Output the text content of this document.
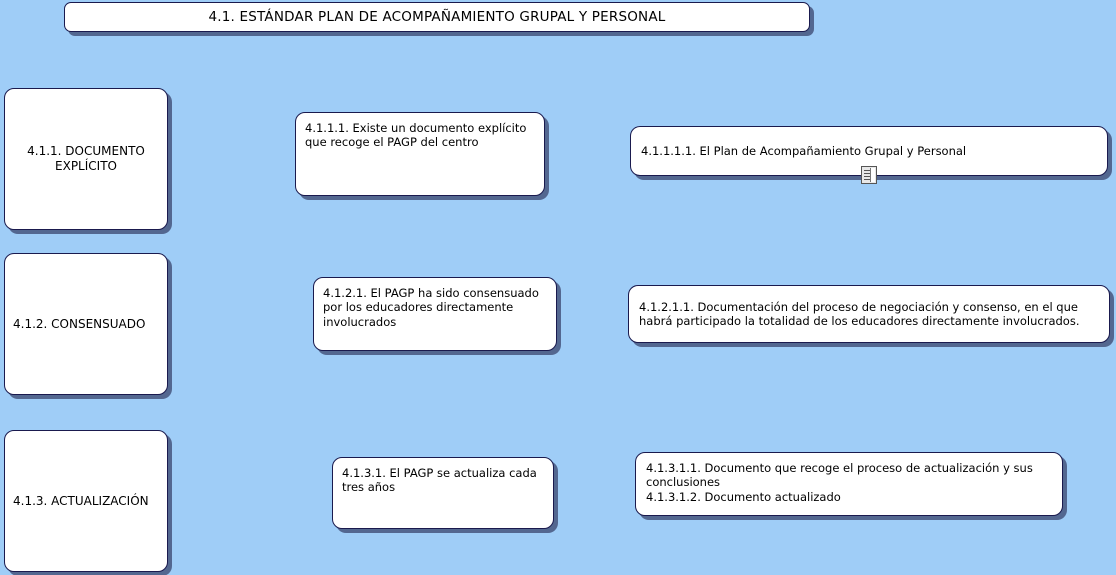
4.1. ESTÁNDAR PLAN DE ACOMPAÑAMIENTO GRUPAL Y PERSONAL
4.1.1. DOCUMENTO EXPLÍCITO
4.1.2. CONSENSUADO
4.1.3. ACTUALIZACIÓN
4.1.1.1. Existe un documento explícito que recoge el PAGP del centro
4.1.2.1. El PAGP ha sido consensuado por los educadores directamente involucrados
4.1.3.1. El PAGP se actualiza cada tres años
4.1.1.1.1. El Plan de Acompañamiento Grupal y Personal
4.1.2.1.1. Documentación del proceso de negociación y consenso, en el que habrá participado la totalidad de los educadores directamente involucrados.
4.1.3.1.1. Documento que recoge el proceso de actualización y sus conclusiones
4.1.3.1.2. Documento actualizado
